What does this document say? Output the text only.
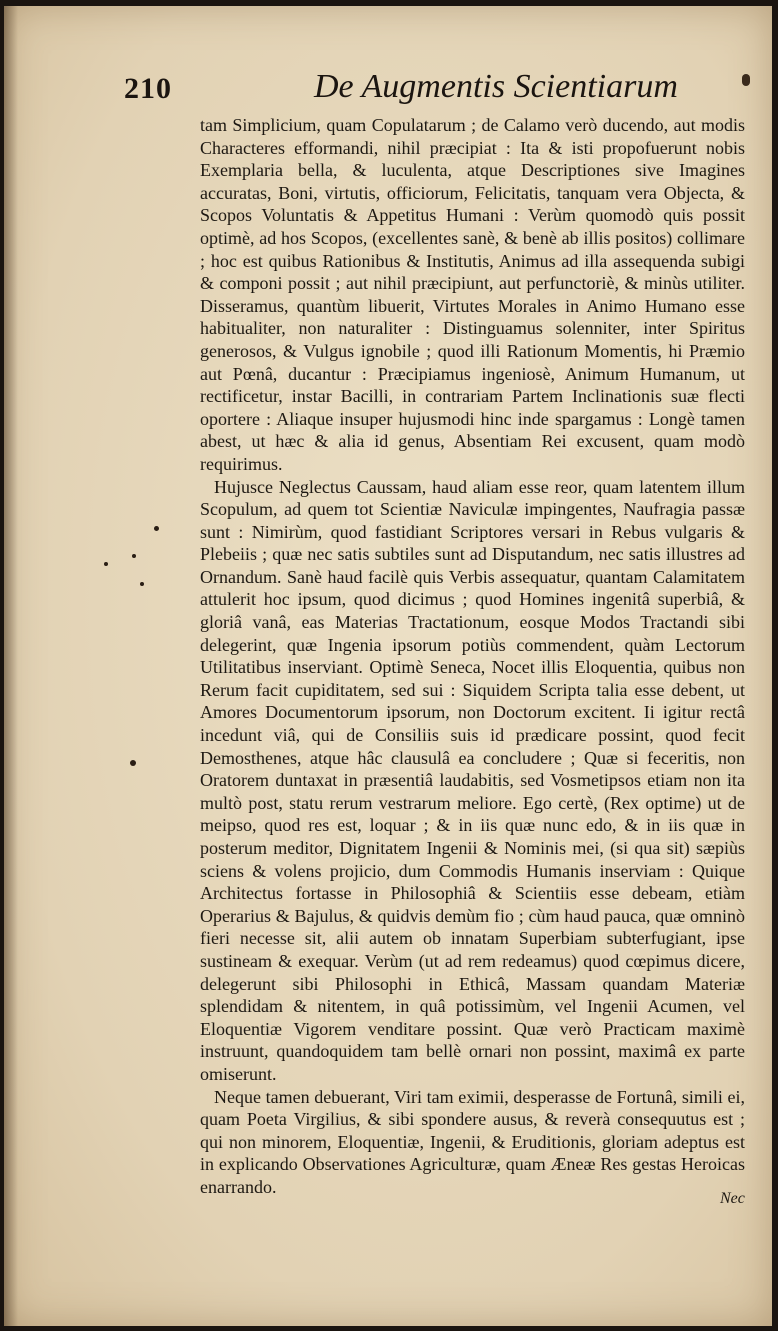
210	De Augmentis Scientiarum

tam Simplicium, quam Copulatarum ; de Calamo verò ducendo, aut modis Characteres efformandi, nihil præcipiat : Ita & isti propofuerunt nobis Exemplaria bella, & luculenta, atque Descriptiones sive Imagines accuratas, Boni, virtutis, officiorum, Felicitatis, tanquam vera Objecta, & Scopos Voluntatis & Appetitus Humani : Verùm quomodò quis possit optimè, ad hos Scopos, (excellentes sanè, & benè ab illis positos) collimare ; hoc est quibus Rationibus & Institutis, Animus ad illa assequenda subigi & componi possit ; aut nihil præcipiunt, aut perfunctoriè, & minùs utiliter. Disseramus, quantùm libuerit, Virtutes Morales in Animo Humano esse habitualiter, non naturaliter : Distinguamus solenniter, inter Spiritus generosos, & Vulgus ignobile ; quod illi Rationum Momentis, hi Præmio aut Pœnâ, ducantur : Præcipiamus ingeniosè, Animum Humanum, ut rectificetur, instar Bacilli, in contrariam Partem Inclinationis suæ flecti oportere : Aliaque insuper hujusmodi hinc inde spargamus : Longè tamen abest, ut hæc & alia id genus, Absentiam Rei excusent, quam modò requirimus.

Hujusce Neglectus Caussam, haud aliam esse reor, quam latentem illum Scopulum, ad quem tot Scientiæ Naviculæ impingentes, Naufragia passæ sunt : Nimirùm, quod fastidiant Scriptores versari in Rebus vulgaris & Plebeiis ; quæ nec satis subtiles sunt ad Disputandum, nec satis illustres ad Ornandum. Sanè haud facilè quis Verbis assequatur, quantam Calamitatem attulerit hoc ipsum, quod dicimus ; quod Homines ingenitâ superbiâ, & gloriâ vanâ, eas Materias Tractationum, eosque Modos Tractandi sibi delegerint, quæ Ingenia ipsorum potiùs commendent, quàm Lectorum Utilitatibus inserviant. Optimè Seneca, Nocet illis Eloquentia, quibus non Rerum facit cupiditatem, sed sui : Siquidem Scripta talia esse debent, ut Amores Documentorum ipsorum, non Doctorum excitent. Ii igitur rectâ incedunt viâ, qui de Consiliis suis id prædicare possint, quod fecit Demosthenes, atque hâc clausulâ ea concludere ; Quæ si feceritis, non Oratorem duntaxat in præsentiâ laudabitis, sed Vosmetipsos etiam non ita multò post, statu rerum vestrarum meliore. Ego certè, (Rex optime) ut de meipso, quod res est, loquar ; & in iis quæ nunc edo, & in iis quæ in posterum meditor, Dignitatem Ingenii & Nominis mei, (si qua sit) sæpiùs sciens & volens projicio, dum Commodis Humanis inserviam : Quique Architectus fortasse in Philosophiâ & Scientiis esse debeam, etiàm Operarius & Bajulus, & quidvis demùm fio ; cùm haud pauca, quæ omninò fieri necesse sit, alii autem ob innatam Superbiam subterfugiant, ipse sustineam & exequar. Verùm (ut ad rem redeamus) quod cœpimus dicere, delegerunt sibi Philosophi in Ethicâ, Massam quandam Materiæ splendidam & nitentem, in quâ potissimùm, vel Ingenii Acumen, vel Eloquentiæ Vigorem venditare possint. Quæ verò Practicam maximè instruunt, quandoquidem tam bellè ornari non possint, maximâ ex parte omiserunt.

Neque tamen debuerant, Viri tam eximii, desperasse de Fortunâ, simili ei, quam Poeta Virgilius, & sibi spondere ausus, & reverà consequutus est ; qui non minorem, Eloquentiæ, Ingenii, & Eruditionis, gloriam adeptus est in explicando Observationes Agriculturæ, quam Æneæ Res gestas Heroicas enarrando.

Nec
